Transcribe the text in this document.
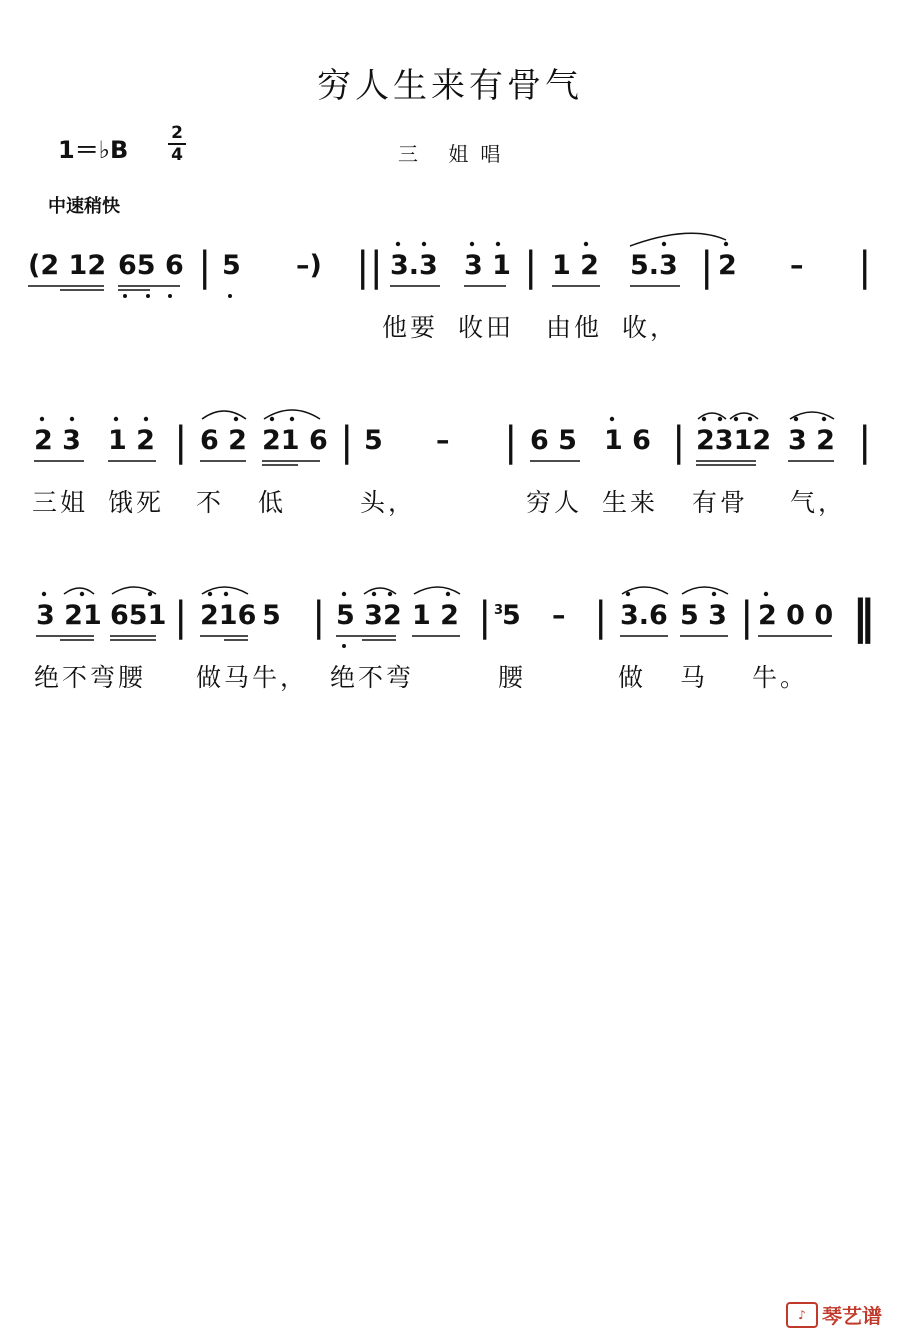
穷人生来有骨气
1＝♭B
2
4	三 姐唱
中速稍快
(2 12 65 6 | 5 –) || 3.3 3 1 | 1 2 5.3 | 2 – |
他要 收田 由他 收，
2 3 1 2 | 6 2 21 6 | 5 – | 6 5 1 6 | 2312 3 2 |
三姐 饿死 不 低	头，	穷人 生来 有骨 气，
3 21 651 | 216 5 | 5 32 1 2 | 5 – | 3.6 5 3 | 2 0 0 ‖
3
绝不弯腰 做马牛， 绝不弯	腰	做 马 牛。
♪ 琴艺谱
